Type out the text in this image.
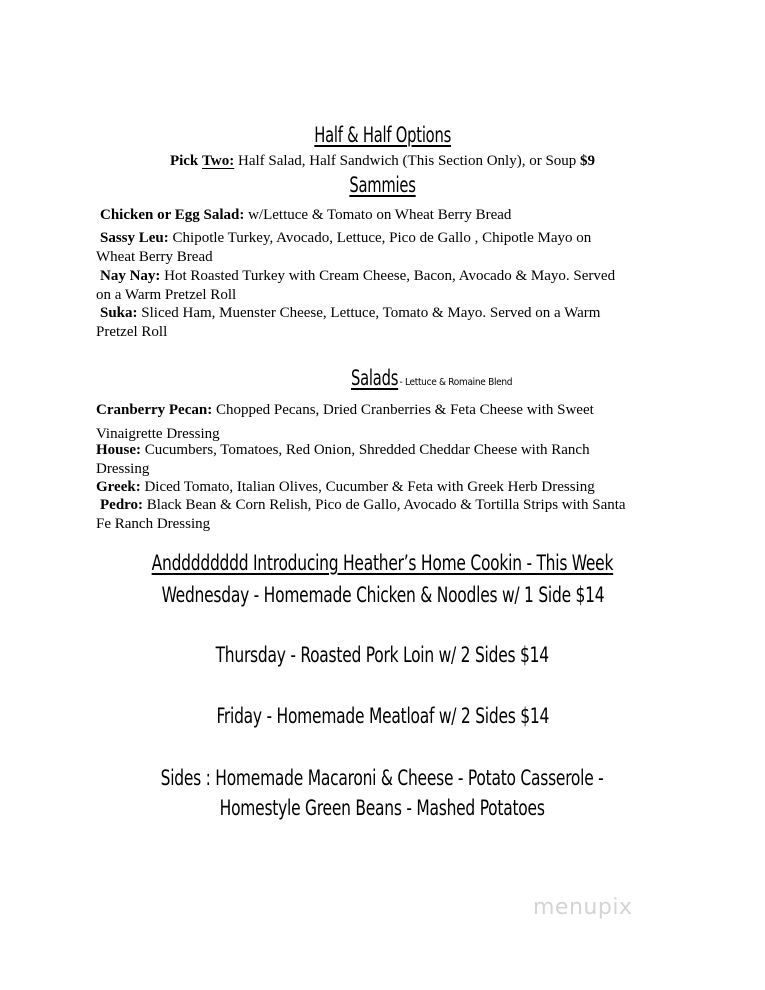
Half & Half Options
Pick Two: Half Salad, Half Sandwich (This Section Only), or Soup $9
Sammies
Chicken or Egg Salad: w/Lettuce & Tomato on Wheat Berry Bread
Sassy Leu: Chipotle Turkey, Avocado, Lettuce, Pico de Gallo , Chipotle Mayo on
Wheat Berry Bread
Nay Nay: Hot Roasted Turkey with Cream Cheese, Bacon, Avocado & Mayo. Served
on a Warm Pretzel Roll
Suka: Sliced Ham, Muenster Cheese, Lettuce, Tomato & Mayo. Served on a Warm
Pretzel Roll
Salads- Lettuce & Romaine Blend
Cranberry Pecan: Chopped Pecans, Dried Cranberries & Feta Cheese with Sweet
Vinaigrette Dressing
House: Cucumbers, Tomatoes, Red Onion, Shredded Cheddar Cheese with Ranch
Dressing
Greek: Diced Tomato, Italian Olives, Cucumber & Feta with Greek Herb Dressing
Pedro: Black Bean & Corn Relish, Pico de Gallo, Avocado & Tortilla Strips with Santa
Fe Ranch Dressing
Andddddddd Introducing Heather’s Home Cookin - This Week
Wednesday - Homemade Chicken & Noodles w/ 1 Side $14
Thursday - Roasted Pork Loin w/ 2 Sides $14
Friday - Homemade Meatloaf w/ 2 Sides $14
Sides : Homemade Macaroni & Cheese - Potato Casserole -
Homestyle Green Beans - Mashed Potatoes
menupix
